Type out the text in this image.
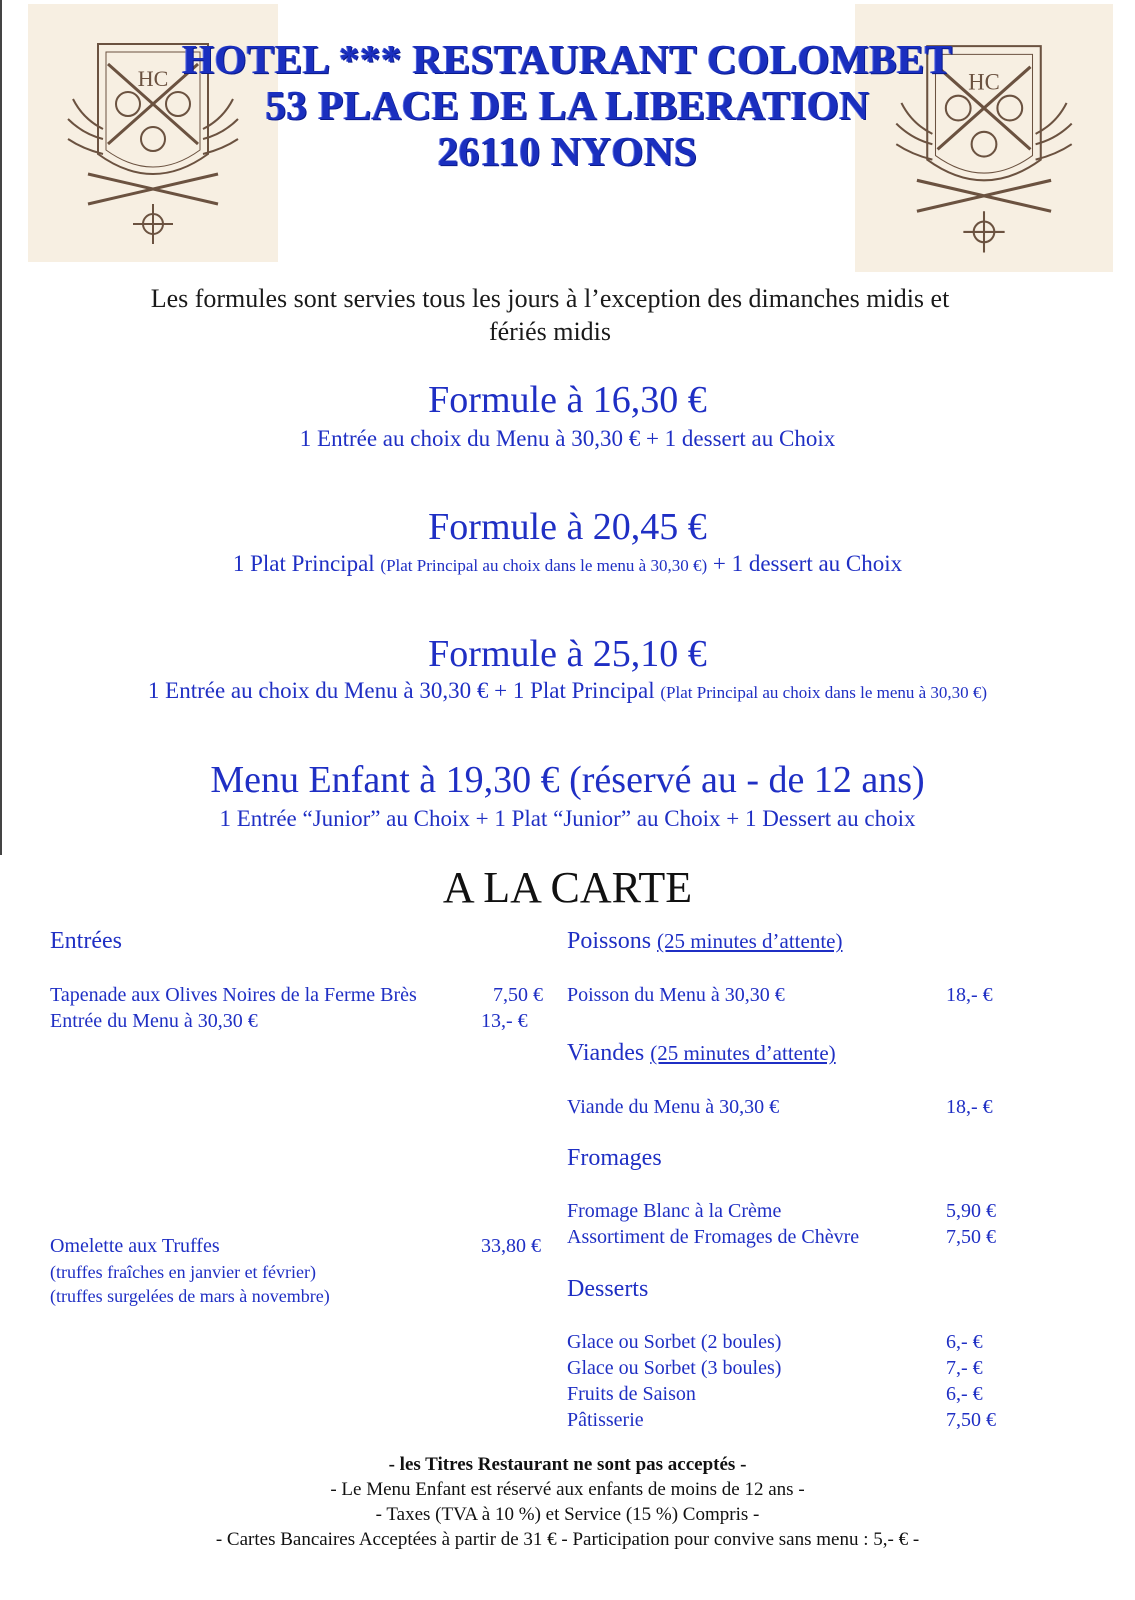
HC	HC
HOTEL *** RESTAURANT COLOMBET
53 PLACE DE LA LIBERATION
26110 NYONS
Les formules sont servies tous les jours à l’exception des dimanches midis et
fériés midis
Formule à 16,30 €
1 Entrée au choix du Menu à 30,30 € + 1 dessert au Choix
Formule à 20,45 €
1 Plat Principal (Plat Principal au choix dans le menu à 30,30 €) + 1 dessert au Choix
Formule à 25,10 €
1 Entrée au choix du Menu à 30,30 € + 1 Plat Principal (Plat Principal au choix dans le menu à 30,30 €)
Menu Enfant à 19,30 € (réservé au - de 12 ans)
1 Entrée “Junior” au Choix + 1 Plat “Junior” au Choix + 1 Dessert au choix
A LA CARTE
Entrées
Tapenade aux Olives Noires de la Ferme Brès	7,50 €
Entrée du Menu à 30,30 €	13,- €
Omelette aux Truffes	33,80 €
(truffes fraîches en janvier et février)
(truffes surgelées de mars à novembre)
Poissons (25 minutes d’attente)
Poisson du Menu à 30,30 €	18,- €
Viandes (25 minutes d’attente)
Viande du Menu à 30,30 €	18,- €
Fromages
Fromage Blanc à la Crème	5,90 €
Assortiment de Fromages de Chèvre	7,50 €
Desserts
Glace ou Sorbet (2 boules)	6,- €
Glace ou Sorbet (3 boules)	7,- €
Fruits de Saison	6,- €
Pâtisserie	7,50 €
- les Titres Restaurant ne sont pas acceptés -
- Le Menu Enfant est réservé aux enfants de moins de 12 ans -
- Taxes (TVA à 10 %) et Service (15 %) Compris -
- Cartes Bancaires Acceptées à partir de 31 € - Participation pour convive sans menu : 5,- € -
